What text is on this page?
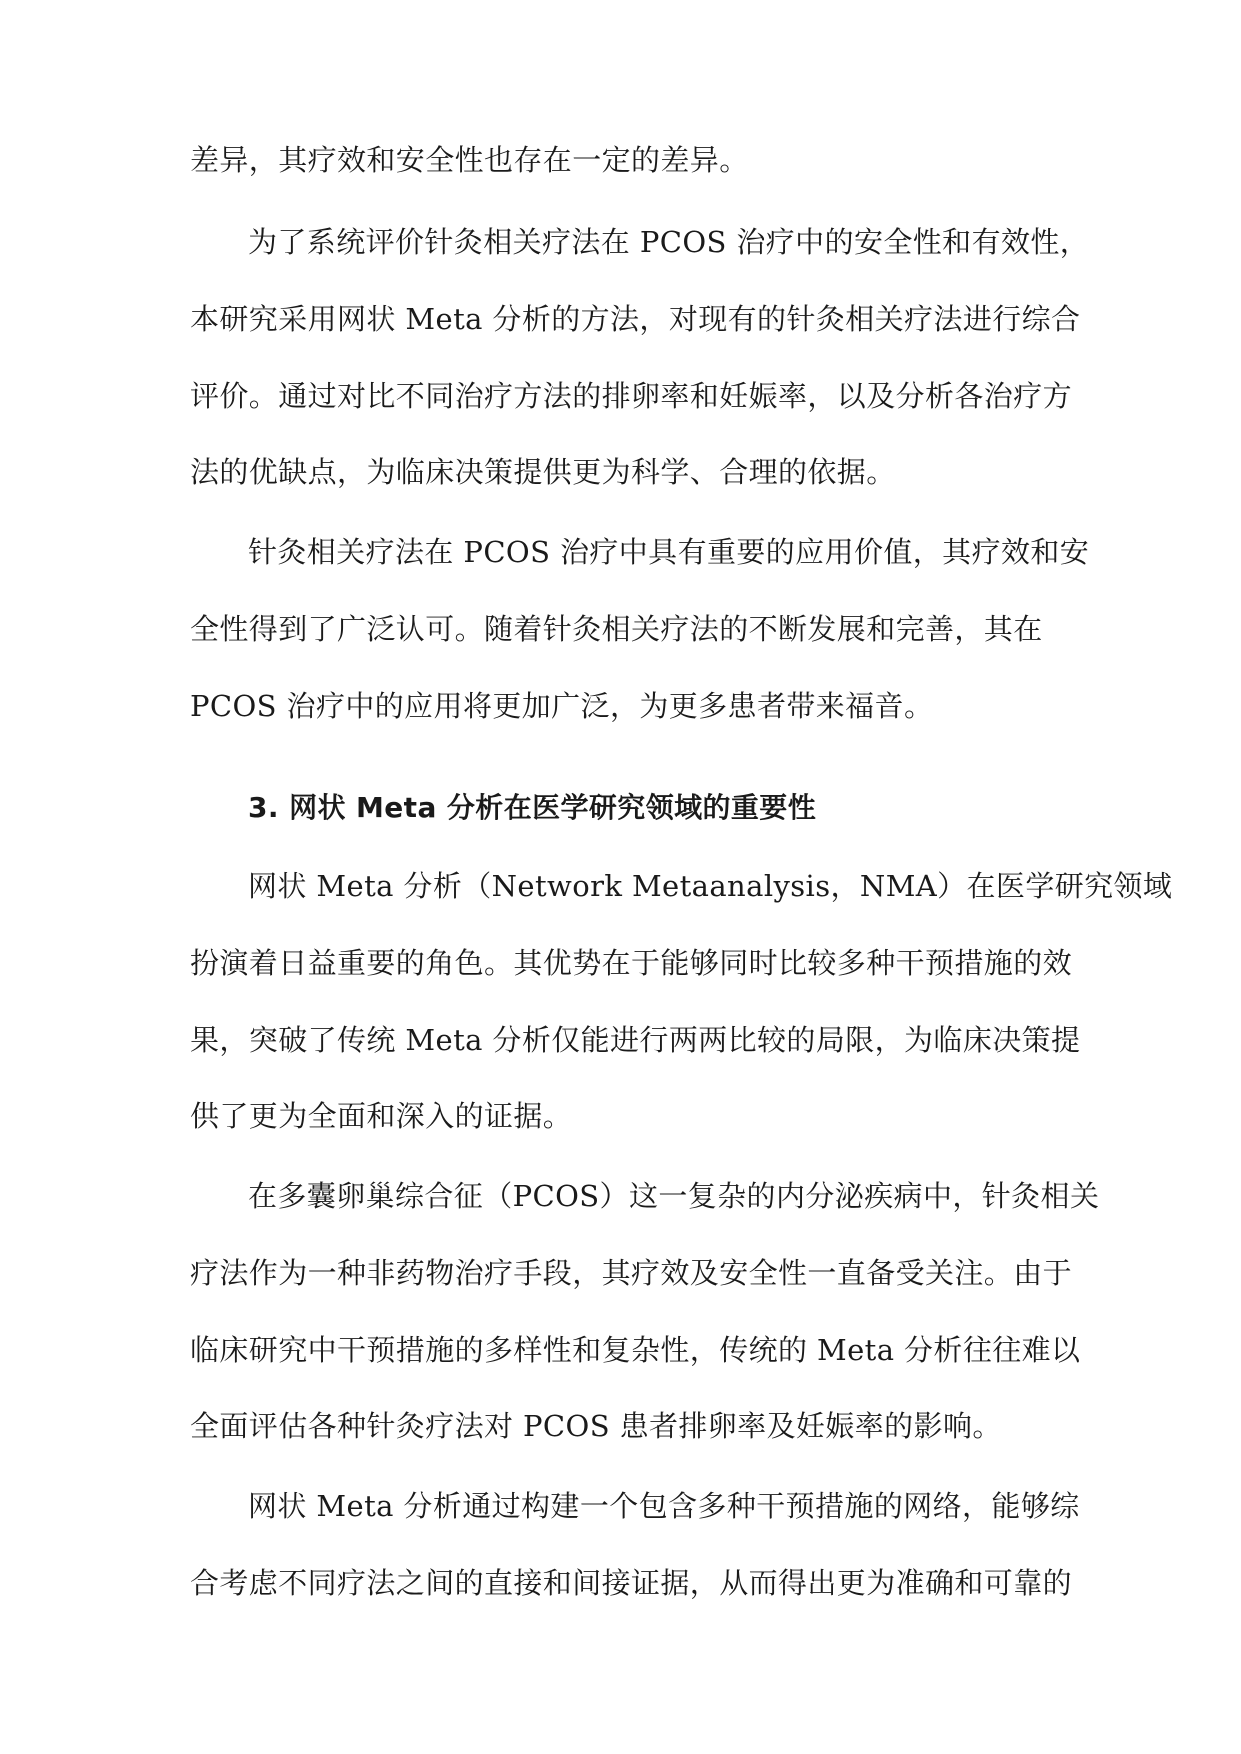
差异，其疗效和安全性也存在一定的差异。
为了系统评价针灸相关疗法在 PCOS 治疗中的安全性和有效性，
本研究采用网状 Meta 分析的方法，对现有的针灸相关疗法进行综合
评价。通过对比不同治疗方法的排卵率和妊娠率，以及分析各治疗方
法的优缺点，为临床决策提供更为科学、合理的依据。
针灸相关疗法在 PCOS 治疗中具有重要的应用价值，其疗效和安
全性得到了广泛认可。随着针灸相关疗法的不断发展和完善，其在
PCOS 治疗中的应用将更加广泛，为更多患者带来福音。
3. 网状 Meta 分析在医学研究领域的重要性
网状 Meta 分析（Network Metaanalysis，NMA）在医学研究领域
扮演着日益重要的角色。其优势在于能够同时比较多种干预措施的效
果，突破了传统 Meta 分析仅能进行两两比较的局限，为临床决策提
供了更为全面和深入的证据。
在多囊卵巢综合征（PCOS）这一复杂的内分泌疾病中，针灸相关
疗法作为一种非药物治疗手段，其疗效及安全性一直备受关注。由于
临床研究中干预措施的多样性和复杂性，传统的 Meta 分析往往难以
全面评估各种针灸疗法对 PCOS 患者排卵率及妊娠率的影响。
网状 Meta 分析通过构建一个包含多种干预措施的网络，能够综
合考虑不同疗法之间的直接和间接证据，从而得出更为准确和可靠的
